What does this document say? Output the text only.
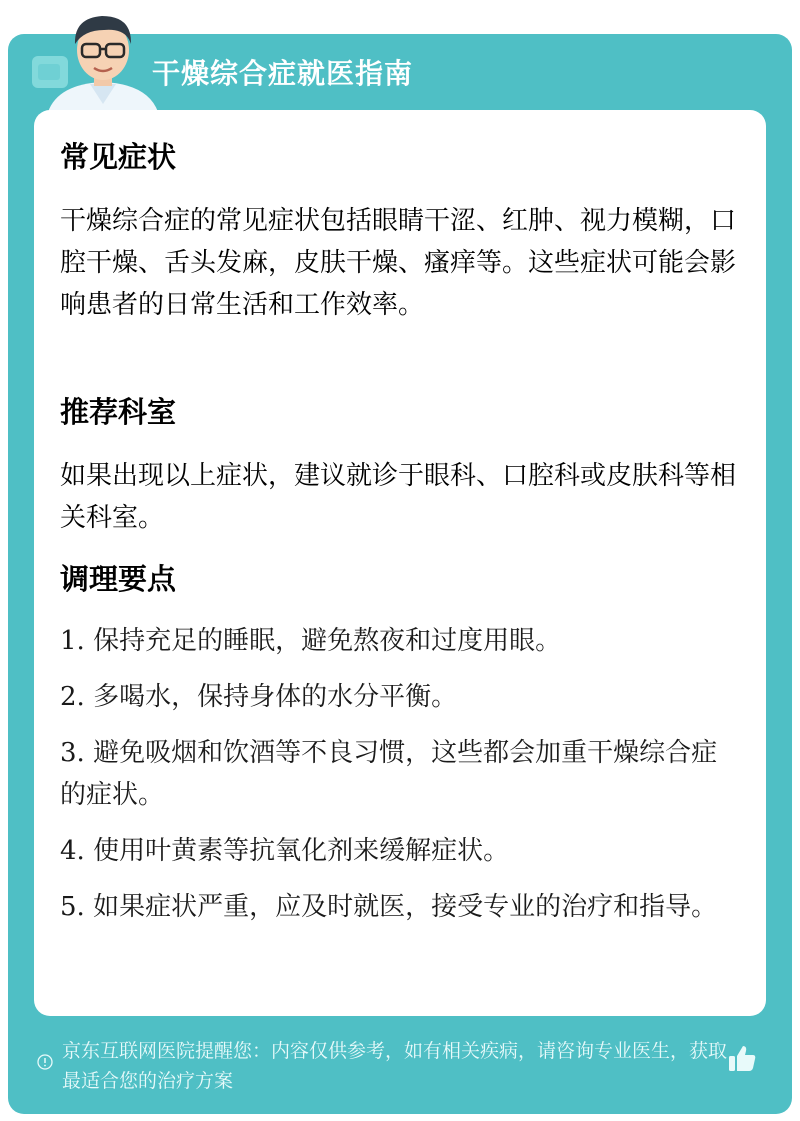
干燥综合症就医指南
常见症状

干燥综合症的常见症状包括眼睛干涩、红肿、视力模糊，口腔干燥、舌头发麻，皮肤干燥、瘙痒等。这些症状可能会影响患者的日常生活和工作效率。

推荐科室

如果出现以上症状，建议就诊于眼科、口腔科或皮肤科等相关科室。

调理要点
1. 保持充足的睡眠，避免熬夜和过度用眼。
2. 多喝水，保持身体的水分平衡。
3. 避免吸烟和饮酒等不良习惯，这些都会加重干燥综合症的症状。
4. 使用叶黄素等抗氧化剂来缓解症状。
5. 如果症状严重，应及时就医，接受专业的治疗和指导。
京东互联网医院提醒您：内容仅供参考，如有相关疾病，请咨询专业医生，获取最适合您的治疗方案
